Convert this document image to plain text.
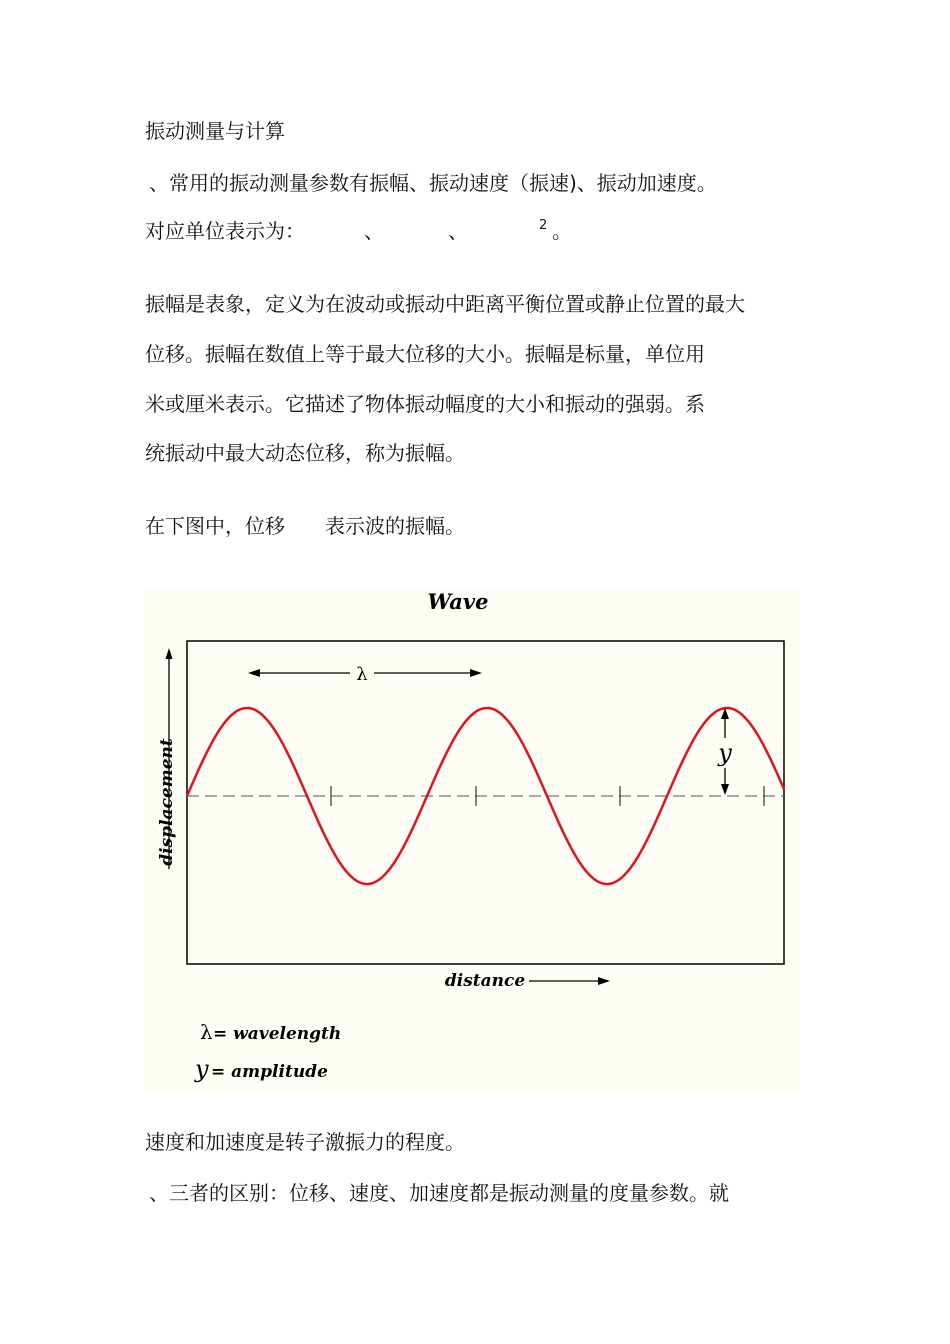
振动测量与计算
、常用的振动测量参数有振幅、振动速度（振速)、振动加速度。
对应单位表示为：	、	、	2 。
振幅是表象，定义为在波动或振动中距离平衡位置或静止位置的最大
位移。振幅在数值上等于最大位移的大小。振幅是标量，单位用
米或厘米表示。它描述了物体振动幅度的大小和振动的强弱。系
统振动中最大动态位移，称为振幅。
在下图中，位移 表示波的振幅。
Wave
displacement
λ
y
distance
λ = wavelength
y = amplitude
速度和加速度是转子激振力的程度。
、三者的区别：位移、速度、加速度都是振动测量的度量参数。就
